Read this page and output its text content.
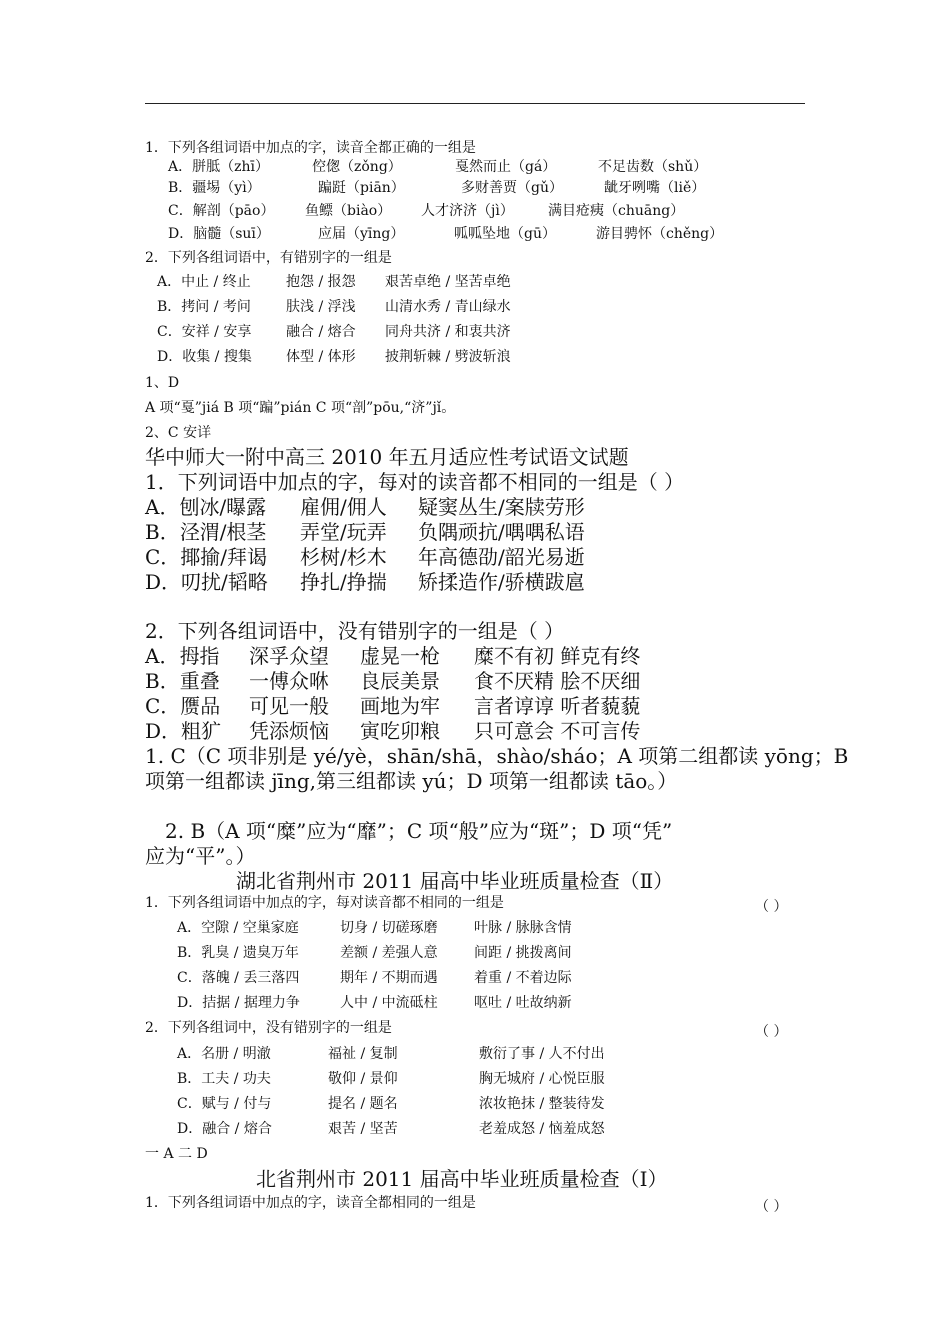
1．下列各组词语中加点的字，读音全都正确的一组是
A．胼胝（zhī）	倥偬（zǒng）	戛然而止（gá）	不足齿数（shǔ）
B．疆埸（yì）	蹁跹（piān）	多财善贾（gǔ）	龇牙咧嘴（liě）
C．解剖（pāo） 鱼鳔（biào） 人才济济（jì） 满目疮痍（chuāng）
D．脑髓（suī）	应届（yīng）	呱呱坠地（gū）	游目骋怀（chěng）
2．下列各组词语中，有错别字的一组是
A．中止 / 终止	抱怨 / 报怨 艰苦卓绝 / 坚苦卓绝
B．拷问 / 考问	肤浅 / 浮浅 山清水秀 / 青山绿水
C．安祥 / 安享 融合 / 熔合 同舟共济 / 和衷共济
D．收集 / 搜集 体型 / 体形 披荆斩棘 / 劈波斩浪
1、D
A 项“戛”jiá B 项“蹁”pián C 项“剖”pōu,“济”jǐ。
2、C 安详
华中师大一附中高三 2010 年五月适应性考试语文试题
1．下列词语中加点的字，每对的读音都不相同的一组是（ ）
A．刨冰/曝露 雇佣/佣人 疑窦丛生/案牍劳形
B．泾渭/根茎 弄堂/玩弄 负隅顽抗/喁喁私语
C．揶揄/拜谒 杉树/杉木 年高德劭/韶光易逝
D．叨扰/韬略 挣扎/挣揣 矫揉造作/骄横跋扈
2．下列各组词语中，没有错别字的一组是（ ）
A．拇指 深孚众望 虚晃一枪 糜不有初 鲜克有终
B．重叠 一傅众咻 良辰美景 食不厌精 脍不厌细
C．赝品 可见一般 画地为牢 言者谆谆 听者藐藐
D．粗犷 凭添烦恼 寅吃卯粮 只可意会 不可言传
1. C（C 项非别是 yé/yè，shān/shā，shào/sháo；A 项第二组都读 yōng；B
项第一组都读 jīng,第三组都读 yú；D 项第一组都读 tāo。）
2. B（A 项“糜”应为“靡”；C 项“般”应为“斑”；D 项“凭”
应为“平”。）
湖北省荆州市 2011 届高中毕业班质量检查（Ⅱ）
1．下列各组词语中加点的字，每对读音都不相同的一组是	（ ）
A．空隙 / 空巢家庭	切身 / 切磋琢磨	叶脉 / 脉脉含情
B．乳臭 / 遗臭万年	差额 / 差强人意	间距 / 挑拨离间
C．落魄 / 丢三落四	期年 / 不期而遇	着重 / 不着边际
D．拮据 / 据理力争	人中 / 中流砥柱	呕吐 / 吐故纳新
2．下列各组词中，没有错别字的一组是	（ ）
A．名册 / 明澈	福祉 / 复制	敷衍了事 / 人不付出
B．工夫 / 功夫	敬仰 / 景仰	胸无城府 / 心悦臣服
C．赋与 / 付与	提名 / 题名	浓妆艳抹 / 整装待发
D．融合 / 熔合	艰苦 / 坚苦	老羞成怒 / 恼羞成怒
一 A 二 D
北省荆州市 2011 届高中毕业班质量检查（I）
1．下列各组词语中加点的字，读音全都相同的一组是	（ ）
